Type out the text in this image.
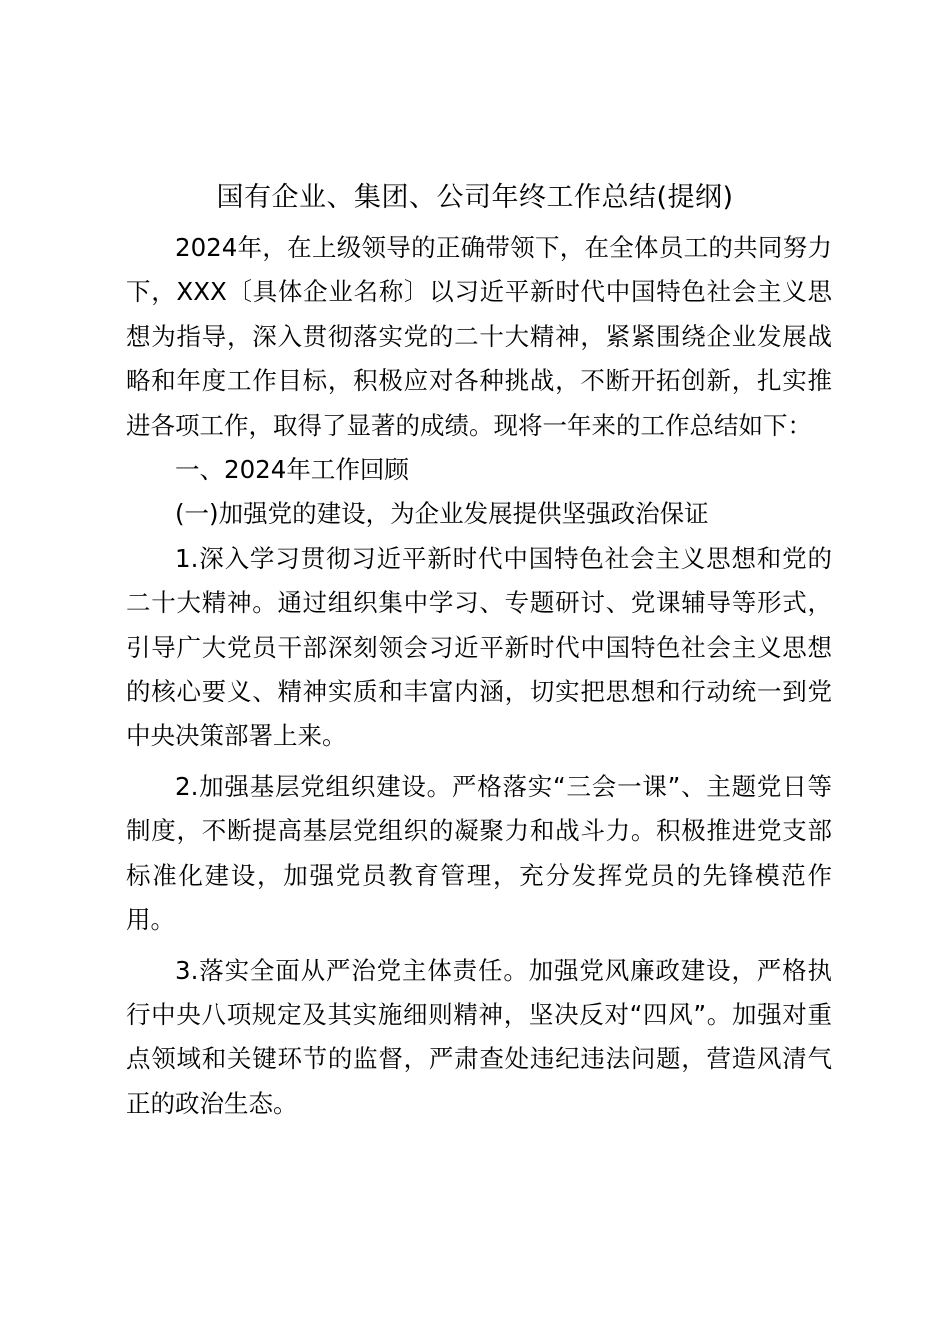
国有企业、集团、公司年终工作总结(提纲)

2024年，在上级领导的正确带领下，在全体员工的共同努力下，XXX〔具体企业名称〕以习近平新时代中国特色社会主义思想为指导，深入贯彻落实党的二十大精神，紧紧围绕企业发展战略和年度工作目标，积极应对各种挑战，不断开拓创新，扎实推进各项工作，取得了显著的成绩。现将一年来的工作总结如下：

一、2024年工作回顾

(一)加强党的建设，为企业发展提供坚强政治保证

1.深入学习贯彻习近平新时代中国特色社会主义思想和党的二十大精神。通过组织集中学习、专题研讨、党课辅导等形式，引导广大党员干部深刻领会习近平新时代中国特色社会主义思想的核心要义、精神实质和丰富内涵，切实把思想和行动统一到党中央决策部署上来。

2.加强基层党组织建设。严格落实“三会一课”、主题党日等制度，不断提高基层党组织的凝聚力和战斗力。积极推进党支部标准化建设，加强党员教育管理，充分发挥党员的先锋模范作用。

3.落实全面从严治党主体责任。加强党风廉政建设，严格执行中央八项规定及其实施细则精神，坚决反对“四风”。加强对重点领域和关键环节的监督，严肃查处违纪违法问题，营造风清气正的政治生态。
